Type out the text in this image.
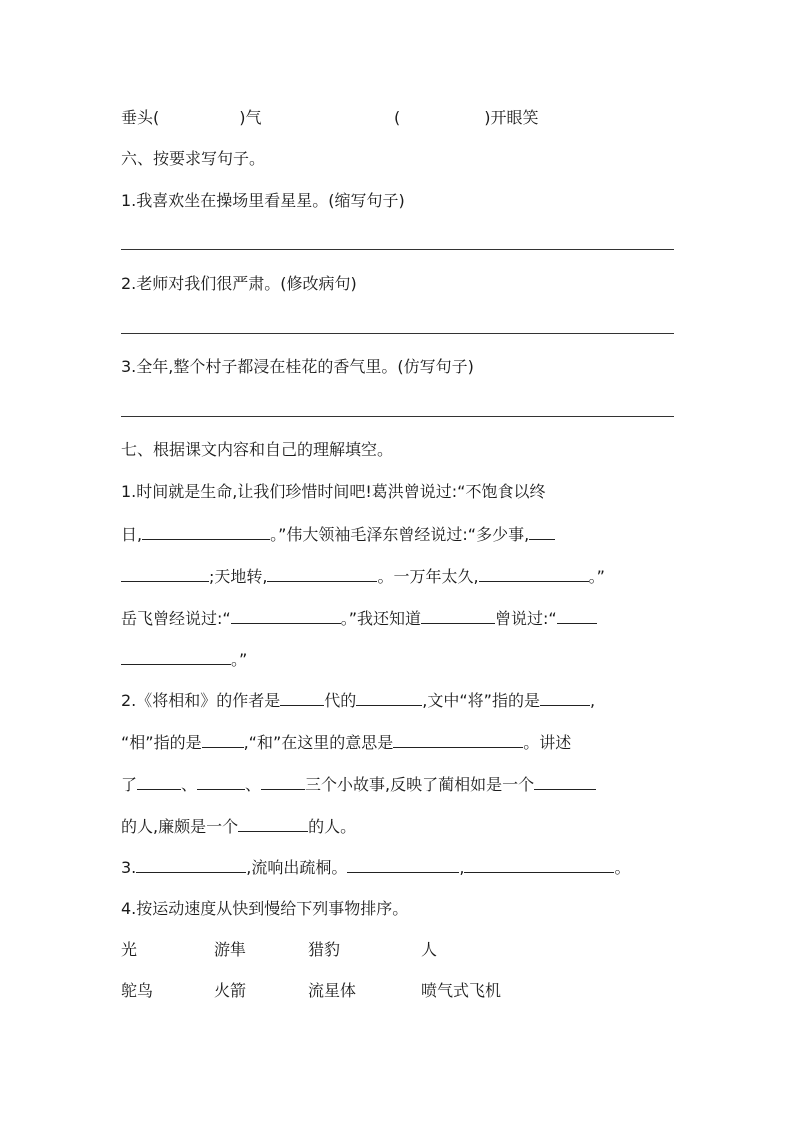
垂头(	)气	(	)开眼笑
六、按要求写句子。
1.我喜欢坐在操场里看星星。(缩写句子)
2.老师对我们很严肃。(修改病句)
3.全年,整个村子都浸在桂花的香气里。(仿写句子)
七、根据课文内容和自己的理解填空。
1.时间就是生命,让我们珍惜时间吧!葛洪曾说过:“不饱食以终
日,	。”伟大领袖毛泽东曾经说过:“多少事,
;天地转,	。一万年太久,	。”
岳飞曾经说过:“	。”我还知道	曾说过:“
。”
2.《将相和》的作者是	代的	,文中“将”指的是	,
“相”指的是	,“和”在这里的意思是	。讲述
了	、	、	三个小故事,反映了蔺相如是一个
的人,廉颇是一个	的人。
3.	,流响出疏桐。	,	。
4.按运动速度从快到慢给下列事物排序。
光	游隼	猎豹	人
鸵鸟	火箭	流星体	喷气式飞机
